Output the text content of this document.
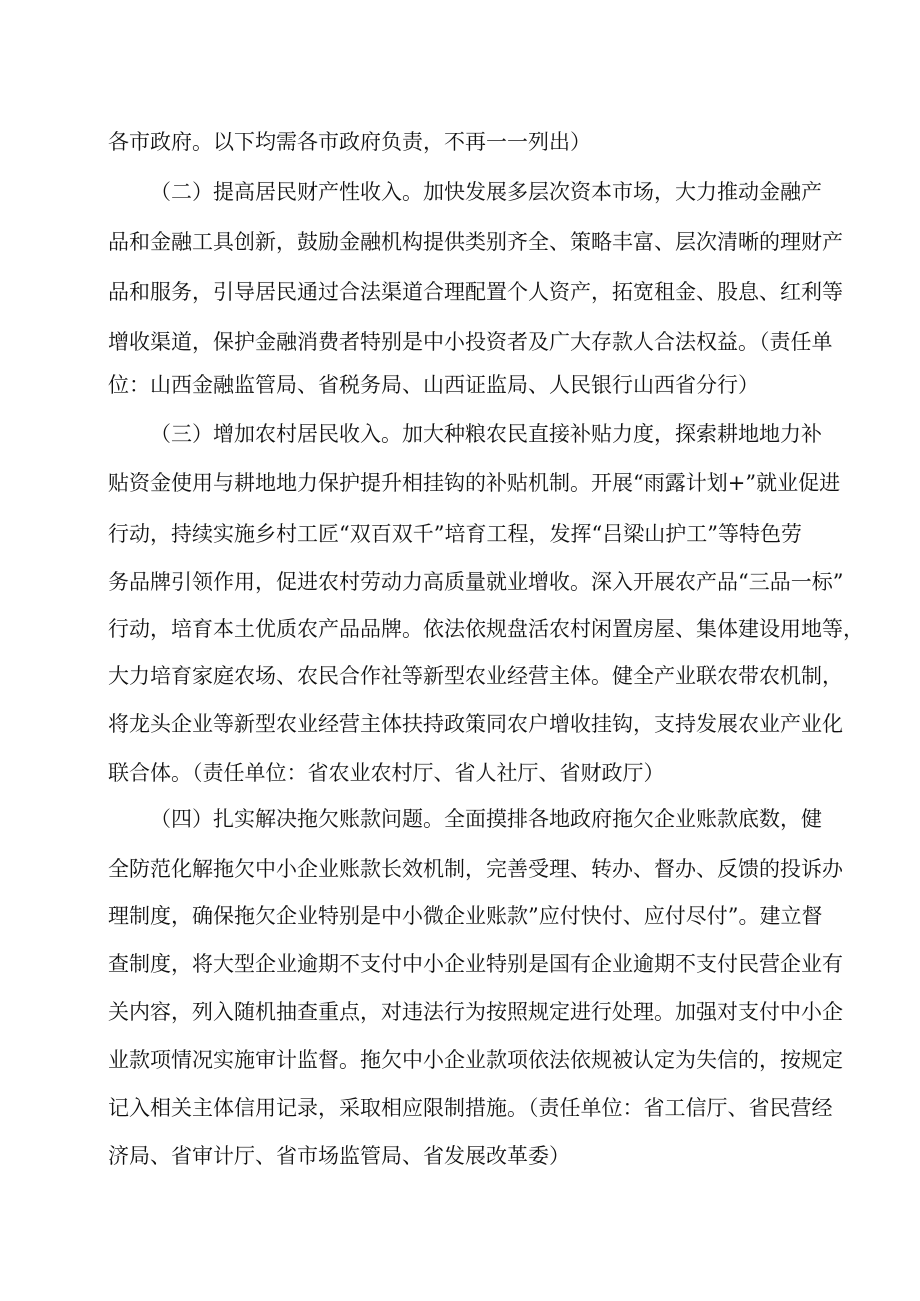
各市政府。以下均需各市政府负责，不再一一列出）
（二）提高居民财产性收入。加快发展多层次资本市场，大力推动金融产
品和金融工具创新，鼓励金融机构提供类别齐全、策略丰富、层次清晰的理财产
品和服务，引导居民通过合法渠道合理配置个人资产，拓宽租金、股息、红利等
增收渠道，保护金融消费者特别是中小投资者及广大存款人合法权益。（责任单
位：山西金融监管局、省税务局、山西证监局、人民银行山西省分行）
（三）增加农村居民收入。加大种粮农民直接补贴力度，探索耕地地力补
贴资金使用与耕地地力保护提升相挂钩的补贴机制。开展“雨露计划+”就业促进
行动，持续实施乡村工匠“双百双千”培育工程，发挥“吕梁山护工”等特色劳
务品牌引领作用，促进农村劳动力高质量就业增收。深入开展农产品“三品一标”
行动，培育本土优质农产品品牌。依法依规盘活农村闲置房屋、集体建设用地等，
大力培育家庭农场、农民合作社等新型农业经营主体。健全产业联农带农机制，
将龙头企业等新型农业经营主体扶持政策同农户增收挂钩，支持发展农业产业化
联合体。（责任单位：省农业农村厅、省人社厅、省财政厅）
（四）扎实解决拖欠账款问题。全面摸排各地政府拖欠企业账款底数，健
全防范化解拖欠中小企业账款长效机制，完善受理、转办、督办、反馈的投诉办
理制度，确保拖欠企业特别是中小微企业账款”应付快付、应付尽付”。建立督
查制度，将大型企业逾期不支付中小企业特别是国有企业逾期不支付民营企业有
关内容，列入随机抽查重点，对违法行为按照规定进行处理。加强对支付中小企
业款项情况实施审计监督。拖欠中小企业款项依法依规被认定为失信的，按规定
记入相关主体信用记录，采取相应限制措施。（责任单位：省工信厅、省民营经
济局、省审计厅、省市场监管局、省发展改革委）
